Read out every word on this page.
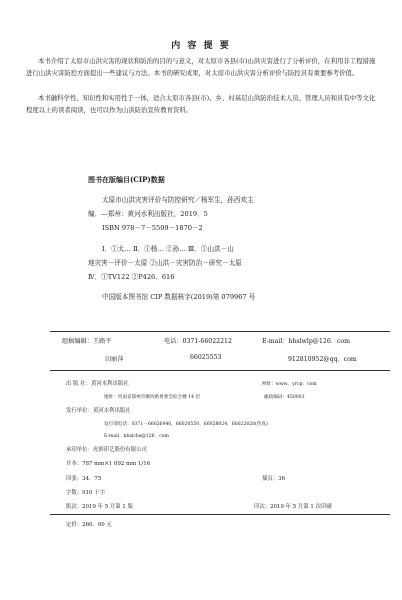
内 容 提 要
本书介绍了太原市山洪灾害的现状和防治的目的与意义，对太原市各县(市)山洪灾害进行了分析评价，在利用非工程措施进行山洪灾害防控方面提出一些建议与方法。本书的研究成果，对太原市山洪灾害分析评价与防控具有重要参考价值。
本书融科学性、知识性和实用性于一体，适合太原市各县(市)、乡、村基层山洪防治技术人员、管理人员和具有中等文化程度以上的读者阅读，也可以作为山洪防治宣传教育资料。
图书在版编目(CIP)数据
太原市山洪灾害评价与防控研究／杨军生，孙西欢主
编．—郑州：黄河水利出版社，2019．5
ISBN 978－7－5509－1870－2
Ⅰ．①太… Ⅱ．①杨… ②孙… Ⅲ．①山洪－山
地灾害－评价－太原 ②山洪－灾害防治－研究－太原
Ⅳ．①TV122 ②P426．616
中国版本图书馆 CIP 数据核字(2019)第 079967 号
组稿编辑：王路平	电话：0371-66022212	E-mail：hhslwlp@126．com
田丽萍	66025553	912810952@qq．com
出 版 社：黄河水利出版社	网址：www．yrcp．com
地址：河南省郑州市顺河路黄委会综合楼 14 层	邮政编码：450003
发行单位：黄河水利出版社
发行部电话：0371－66026940，66020550，66028024，66022620(传真)
E-mail：hhslcbs@126．com
承印单位：虎彩印艺股份有限公司
开本：787 mm×1 092 mm 1/16
印张：34．75	插页：36
字数：910 千字
版次：2019 年 5 月第 1 版	印次：2019 年 5 月第 1 次印刷
定价：260．00 元
